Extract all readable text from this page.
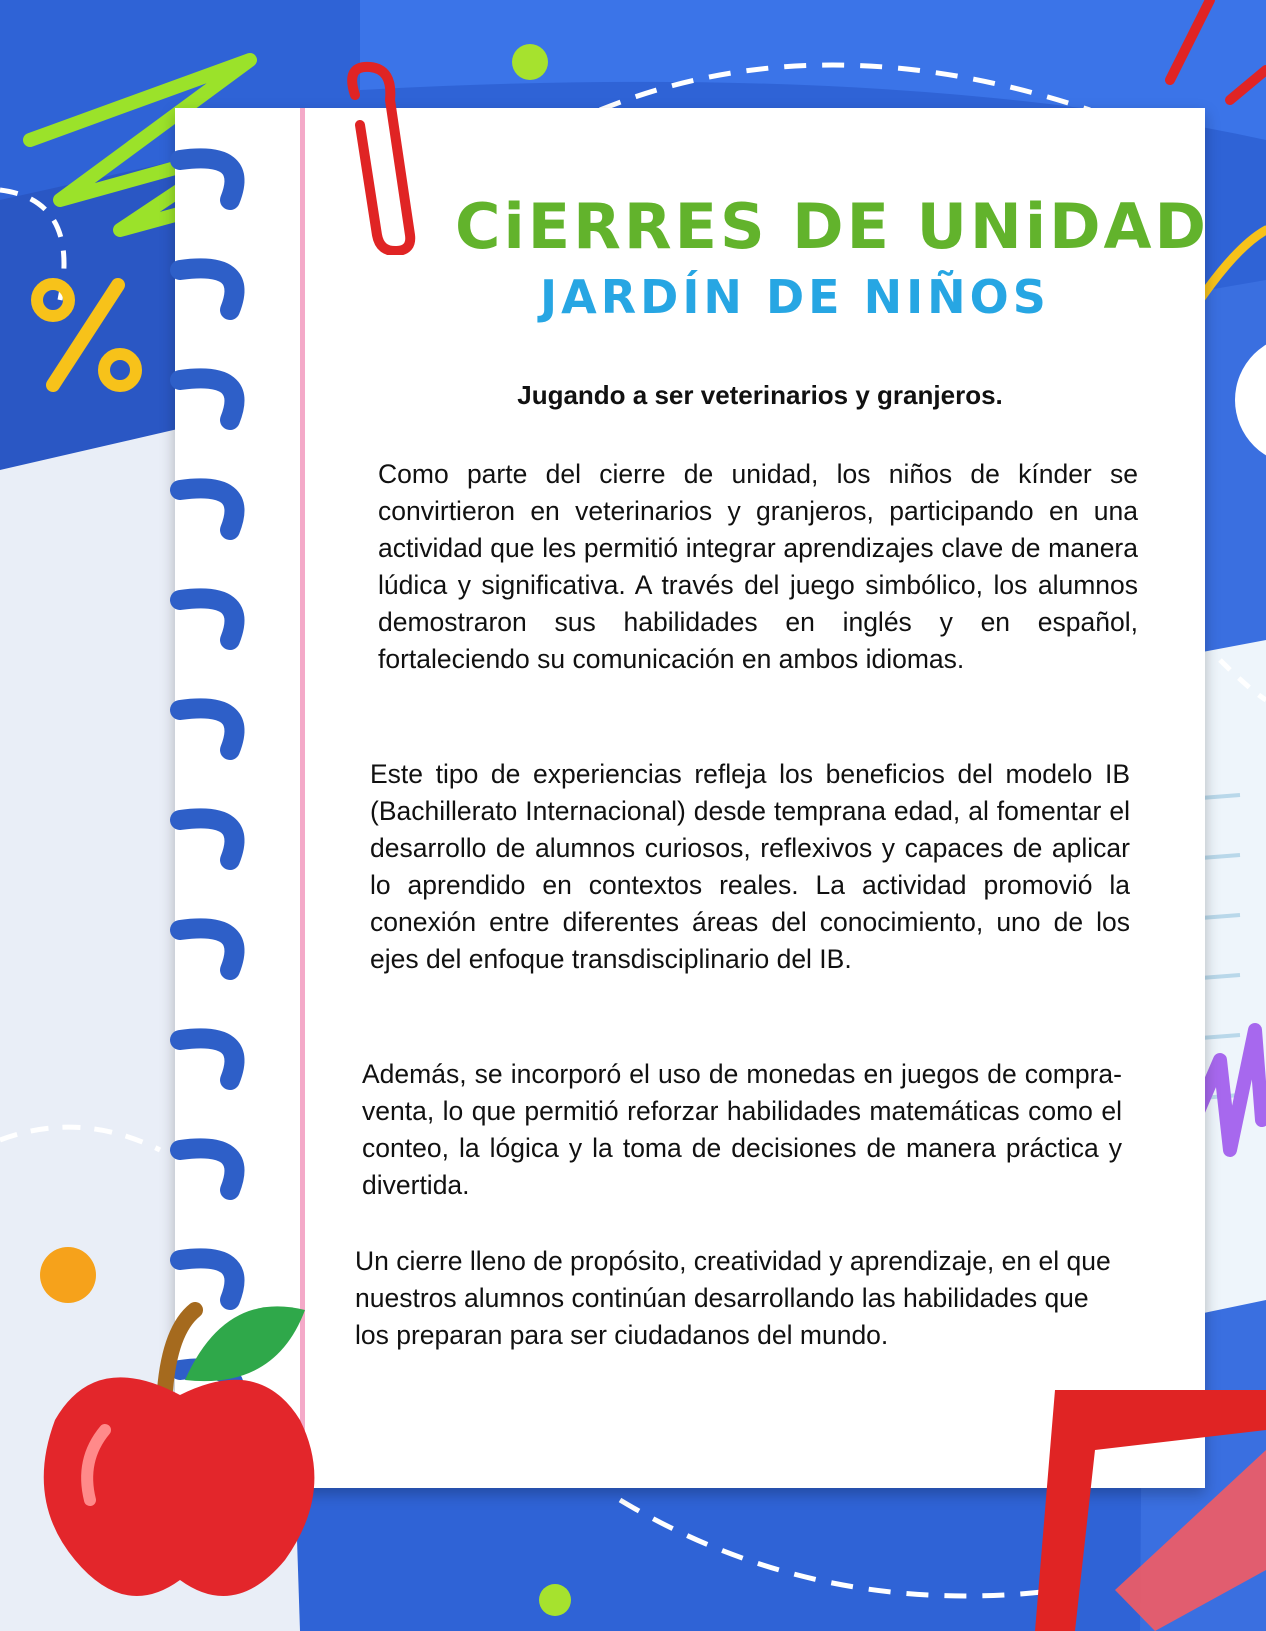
CiERRES DE UNiDAD
JARDÍN DE NIÑOS
Jugando a ser veterinarios y granjeros.

Como parte del cierre de unidad, los niños de kínder se convirtieron en veterinarios y granjeros, participando en una actividad que les permitió integrar aprendizajes clave de manera lúdica y significativa. A través del juego simbólico, los alumnos demostraron sus habilidades en inglés y en español, fortaleciendo su comunicación en ambos idiomas.

Este tipo de experiencias refleja los beneficios del modelo IB (Bachillerato Internacional) desde temprana edad, al fomentar el desarrollo de alumnos curiosos, reflexivos y capaces de aplicar lo aprendido en contextos reales. La actividad promovió la conexión entre diferentes áreas del conocimiento, uno de los ejes del enfoque transdisciplinario del IB.

Además, se incorporó el uso de monedas en juegos de compra-venta, lo que permitió reforzar habilidades matemáticas como el conteo, la lógica y la toma de decisiones de manera práctica y divertida.

Un cierre lleno de propósito, creatividad y aprendizaje, en el que nuestros alumnos continúan desarrollando las habilidades que los preparan para ser ciudadanos del mundo.
